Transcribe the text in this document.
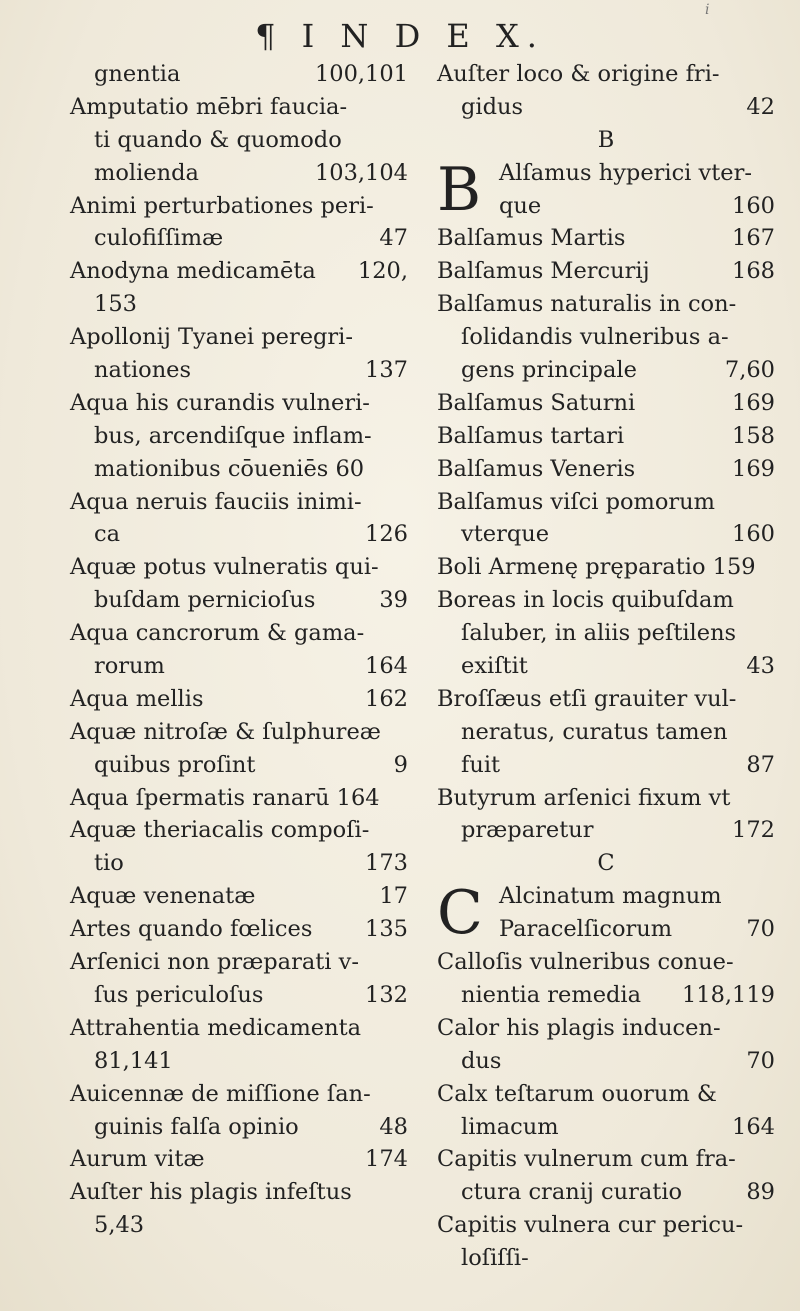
i
¶ I N D E X.
gnentia	100,101
Amputatio mēbri faucia-
ti quando & quomodo
molienda	103,104
Animi perturbationes peri-
culofiſſimæ	47
Anodyna medicamēta 120,
153
Apollonij Tyanei peregri-
nationes	137
Aqua his curandis vulneri-
bus, arcendiſque inflam-
mationibus cōueniēs 60
Aqua neruis fauciis inimi-
ca	126
Aquæ potus vulneratis qui-
buſdam pernicioſus	39
Aqua cancrorum & gama-
rorum	164
Aqua mellis	162
Aquæ nitroſæ & ſulphureæ
quibus proſint	9
Aqua ſpermatis ranarū 164
Aquæ theriacalis compoſi-
tio	173
Aquæ venenatæ	17
Artes quando fœlices 135
Arſenici non præparati v-
ſus periculoſus	132
Attrahentia medicamenta
81,141
Auicennæ de miſſione ſan-
guinis falſa opinio	48
Aurum vitæ	174
Auſter his plagis infeſtus
5,43
Auſter loco & origine fri-
gidus	42
B
B Alſamus hyperici vter-
que	160
Balſamus Martis	167
Balſamus Mercurij	168
Balſamus naturalis in con-
ſolidandis vulneribus a-
gens principale	7,60
Balſamus Saturni	169
Balſamus tartari	158
Balſamus Veneris	169
Balſamus viſci pomorum
vterque	160
Boli Armenę pręparatio 159
Boreas in locis quibuſdam
ſaluber, in aliis peſtilens
exiſtit	43
Broſſæus etſi grauiter vul-
neratus, curatus tamen
fuit	87
Butyrum arſenici fixum vt
præparetur	172
C
C Alcinatum magnum
Paracelſicorum	70
Calloſis vulneribus conue-
nientia remedia 118,119
Calor his plagis inducen-
dus	70
Calx teſtarum ouorum &
limacum	164
Capitis vulnerum cum fra-
ctura cranij curatio	89
Capitis vulnera cur pericu-
loſiſſi-
